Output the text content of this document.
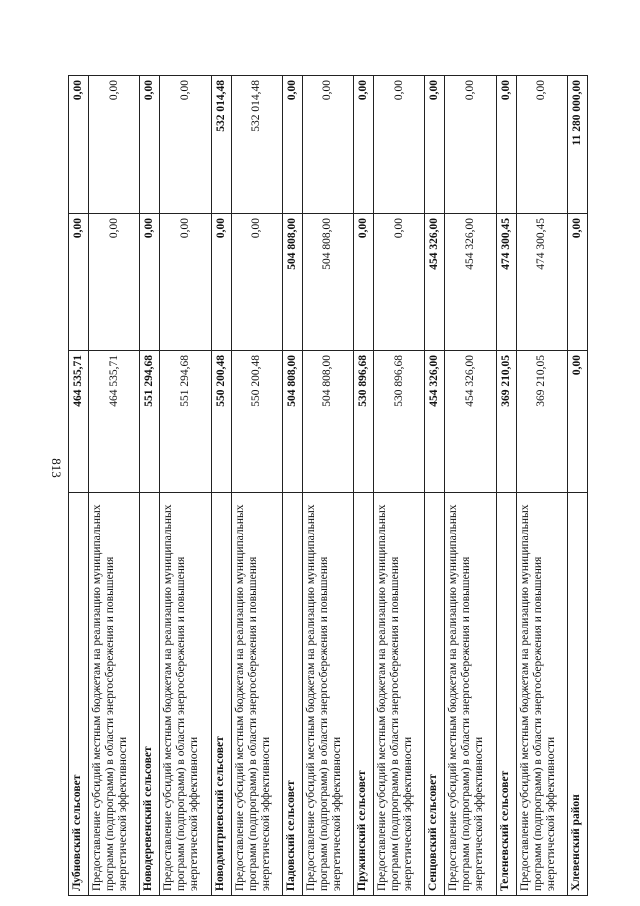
813
Лубновский сельсовет	464 535,71	0,00	0,00
Предоставление субсидий местным бюджетам на реализацию муниципальных программ (подпрограмм) в области энергосбережения и повышения энергетической эффективности	464 535,71	0,00	0,00
Новодеревенский сельсовет	551 294,68	0,00	0,00
Предоставление субсидий местным бюджетам на реализацию муниципальных программ (подпрограмм) в области энергосбережения и повышения энергетической эффективности	551 294,68	0,00	0,00
Новодмитриевский сельсовет	550 200,48	0,00	532 014,48
Предоставление субсидий местным бюджетам на реализацию муниципальных программ (подпрограмм) в области энергосбережения и повышения энергетической эффективности	550 200,48	0,00	532 014,48
Падовский сельсовет	504 808,00	504 808,00	0,00
Предоставление субсидий местным бюджетам на реализацию муниципальных программ (подпрограмм) в области энергосбережения и повышения энергетической эффективности	504 808,00	504 808,00	0,00
Пружинский сельсовет	530 896,68	0,00	0,00
Предоставление субсидий местным бюджетам на реализацию муниципальных программ (подпрограмм) в области энергосбережения и повышения энергетической эффективности	530 896,68	0,00	0,00
Сенцовский сельсовет	454 326,00	454 326,00	0,00
Предоставление субсидий местным бюджетам на реализацию муниципальных программ (подпрограмм) в области энергосбережения и повышения энергетической эффективности	454 326,00	454 326,00	0,00
Теленевский сельсовет	369 210,05	474 300,45	0,00
Предоставление субсидий местным бюджетам на реализацию муниципальных программ (подпрограмм) в области энергосбережения и повышения энергетической эффективности	369 210,05	474 300,45	0,00
Хлевенский район	0,00	0,00	11 280 000,00
